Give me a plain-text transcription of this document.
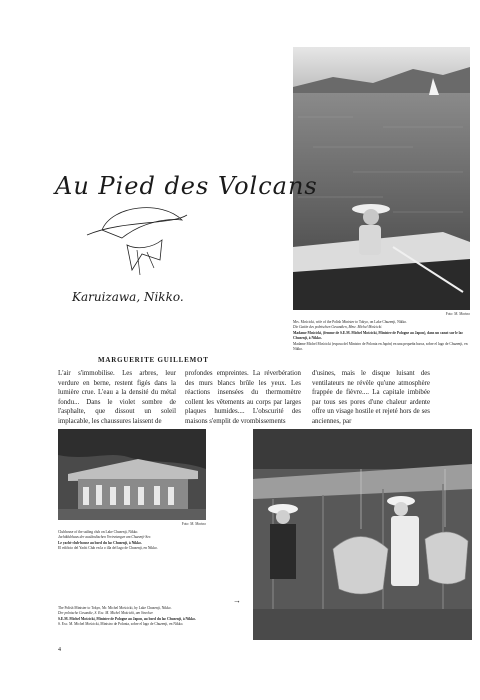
Foto: M. Morino
Mrs. Mościcki, wife of the Polish Minister to Tokyo, on Lake Chuzenji, Nikko.
Die Gattin des polnischen Gesandten, Mme. Michel Mościcki.
Madame Mościcki, (femme de S.E.M. Michel Mościcki, Ministre de Pologne au Japon), dans un canot sur le lac Chuzenji, à Nikko.
Madame Michel Mościcki (esposa del Ministro de Polonia en Japón) en una pequeña barca, sobre el lago de Chuzenji, en Nikko.
Au Pied des Volcans
Karuizawa, Nikko.
MARGUERITE GUILLEMOT

L'air s'immobilise. Les arbres, leur verdure en berne, restent figés dans la lumière crue. L'eau a la densité du métal fondu... Dans le violet sombre de l'asphalte, que dissout un soleil implacable, les chaussures laissent de

profondes empreintes. La réverbération des murs blancs brûle les yeux. Les réactions insensées du thermomètre collent les vêtements au corps par larges plaques humides.... L'obscurité des maisons s'emplit de vrombissements

d'usines, mais le disque luisant des ventilateurs ne révèle qu'une atmosphère frappée de fièvre.... La capitale imbibée par tous ses pores d'une chaleur ardente offre un visage hostile et rejeté hors de ses anciennes, par

Foto: M. Morino
Clubhouse of the sailing club on Lake Chuzenji, Nikko.
Jachtklubhaus der ausländischen Vertretungen am Chuzenji-See.
Le yacht-club-house au bord du lac Chuzenji, à Nikko.
El edificio del Yacht Club en la o illa del lago de Chuzenji, en Nikko.
→
The Polish Minister to Tokyo, Mr. Michel Mościcki, by Lake Chuzenji, Nikko.
Der polnische Gesandte, S. Exc. M. Michel Mościcki, am Strecker.
S.E.M. Michel Mościcki, Ministre de Pologne au Japon, au bord du lac Chuzenji, à Nikko.
S. Exc. M. Michel Mościcki, Ministro de Polonia, sobre el lago de Chuzenji, en Nikko.
4
